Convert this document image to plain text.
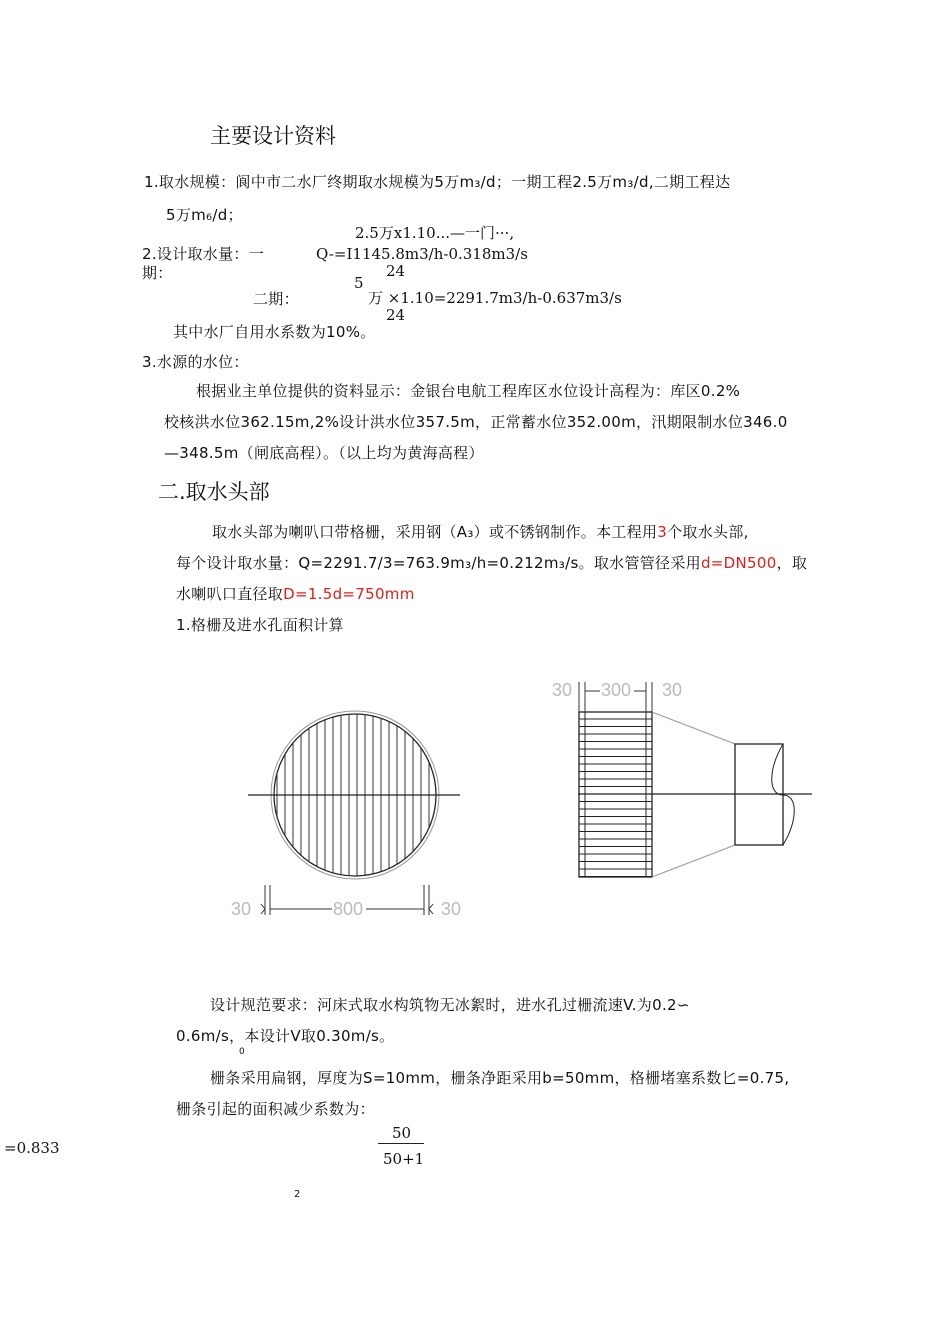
主要设计资料
1.取水规模：阆中市二水厂终期取水规模为5万m₃/d；一期工程2.5万m₃/d,二期工程达
5万m₆/d；
2.5万x1.10...—一门···,
2.设计取水量：一
期：
Q-=I1145.8m3/h-0.318m3/s
24
二期：
5
万 ×1.10=2291.7m3/h-0.637m3/s
24
其中水厂自用水系数为10%。
3.水源的水位：
根据业主单位提供的资料显示：金银台电航工程库区水位设计高程为：库区0.2%
校核洪水位362.15m,2%设计洪水位357.5m，正常蓄水位352.00m，汛期限制水位346.0
—348.5m（闸底高程）。（以上均为黄海高程）
二.取水头部
取水头部为喇叭口带格栅，采用钢（A₃）或不锈钢制作。本工程用3个取水头部,
每个设计取水量：Q=2291.7/3=763.9m₃/h=0.212m₃/s。取水管管径采用d=DN500，取
水喇叭口直径取D=1.5d=750mm
1.格栅及进水孔面积计算
30	800	30
30 300 30
设计规范要求：河床式取水构筑物无冰絮时，进水孔过栅流速V.为0.2∽
0.6m/s，本设计V取0.30m/s。
0
栅条采用扁钢，厚度为S=10mm，栅条净距采用b=50mm，格栅堵塞系数匕=0.75,
栅条引起的面积减少系数为：
=0.833
50
50+1
2
